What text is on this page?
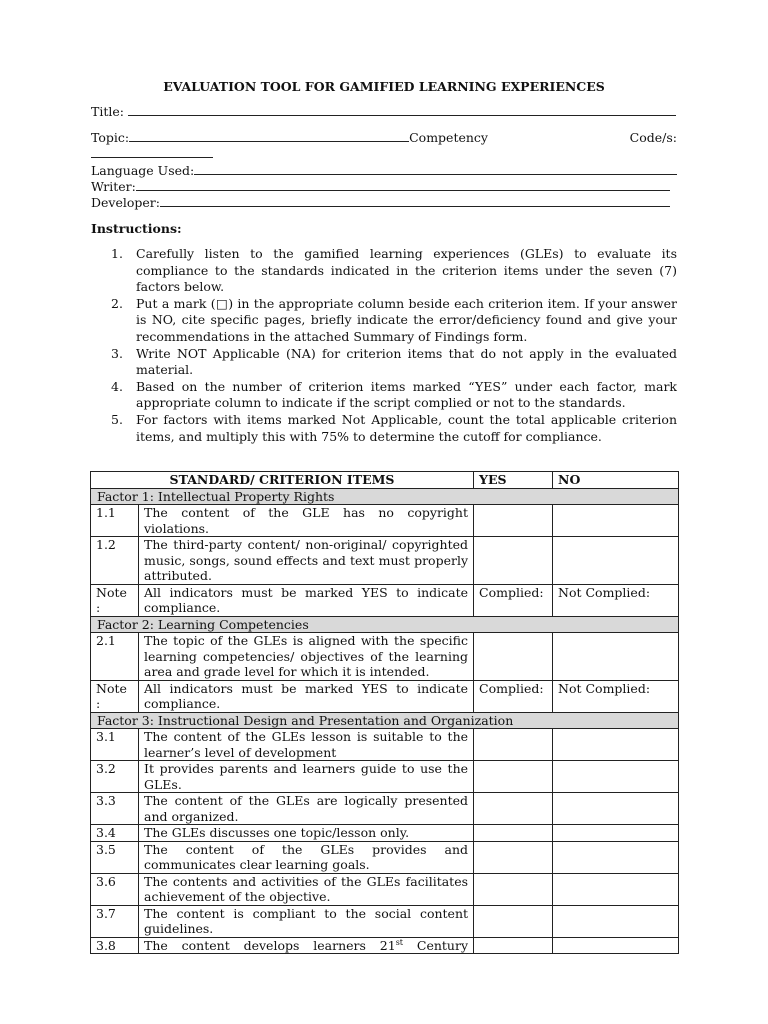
EVALUATION TOOL FOR GAMIFIED LEARNING EXPERIENCES
Title:
Topic:	Competency	Code/s:
Language Used:
Writer:
Developer:
Instructions:
1. Carefully listen to the gamified learning experiences (GLEs) to evaluate its compliance to the standards indicated in the criterion items under the seven (7) factors below.
2. Put a mark (□) in the appropriate column beside each criterion item. If your answer is NO, cite specific pages, briefly indicate the error/deficiency found and give your recommendations in the attached Summary of Findings form.
3. Write NOT Applicable (NA) for criterion items that do not apply in the evaluated material.
4. Based on the number of criterion items marked “YES” under each factor, mark appropriate column to indicate if the script complied or not to the standards.
5. For factors with items marked Not Applicable, count the total applicable criterion items, and multiply this with 75% to determine the cutoff for compliance.
STANDARD/ CRITERION ITEMS		YES	NO
Factor 1: Intellectual Property Rights			
1.1	The content of the GLE has no copyright violations.		
1.2	The third-party content/ non-original/ copyrighted music, songs, sound effects and text must properly attributed.		
Note :	All indicators must be marked YES to indicate compliance.	Complied:	Not Complied:
Factor 2: Learning Competencies			
2.1	The topic of the GLEs is aligned with the specific learning competencies/ objectives of the learning area and grade level for which it is intended.		
Note :	All indicators must be marked YES to indicate compliance.	Complied:	Not Complied:
Factor 3: Instructional Design and Presentation and Organization			
3.1	The content of the GLEs lesson is suitable to the learner’s level of development		
3.2	It provides parents and learners guide to use the GLEs.		
3.3	The content of the GLEs are logically presented and organized.		
3.4	The GLEs discusses one topic/lesson only.		
3.5	The content of the GLEs provides and communicates clear learning goals.		
3.6	The contents and activities of the GLEs facilitates achievement of the objective.		
3.7	The content is compliant to the social content guidelines.		
3.8	The content develops learners 21st Century		
